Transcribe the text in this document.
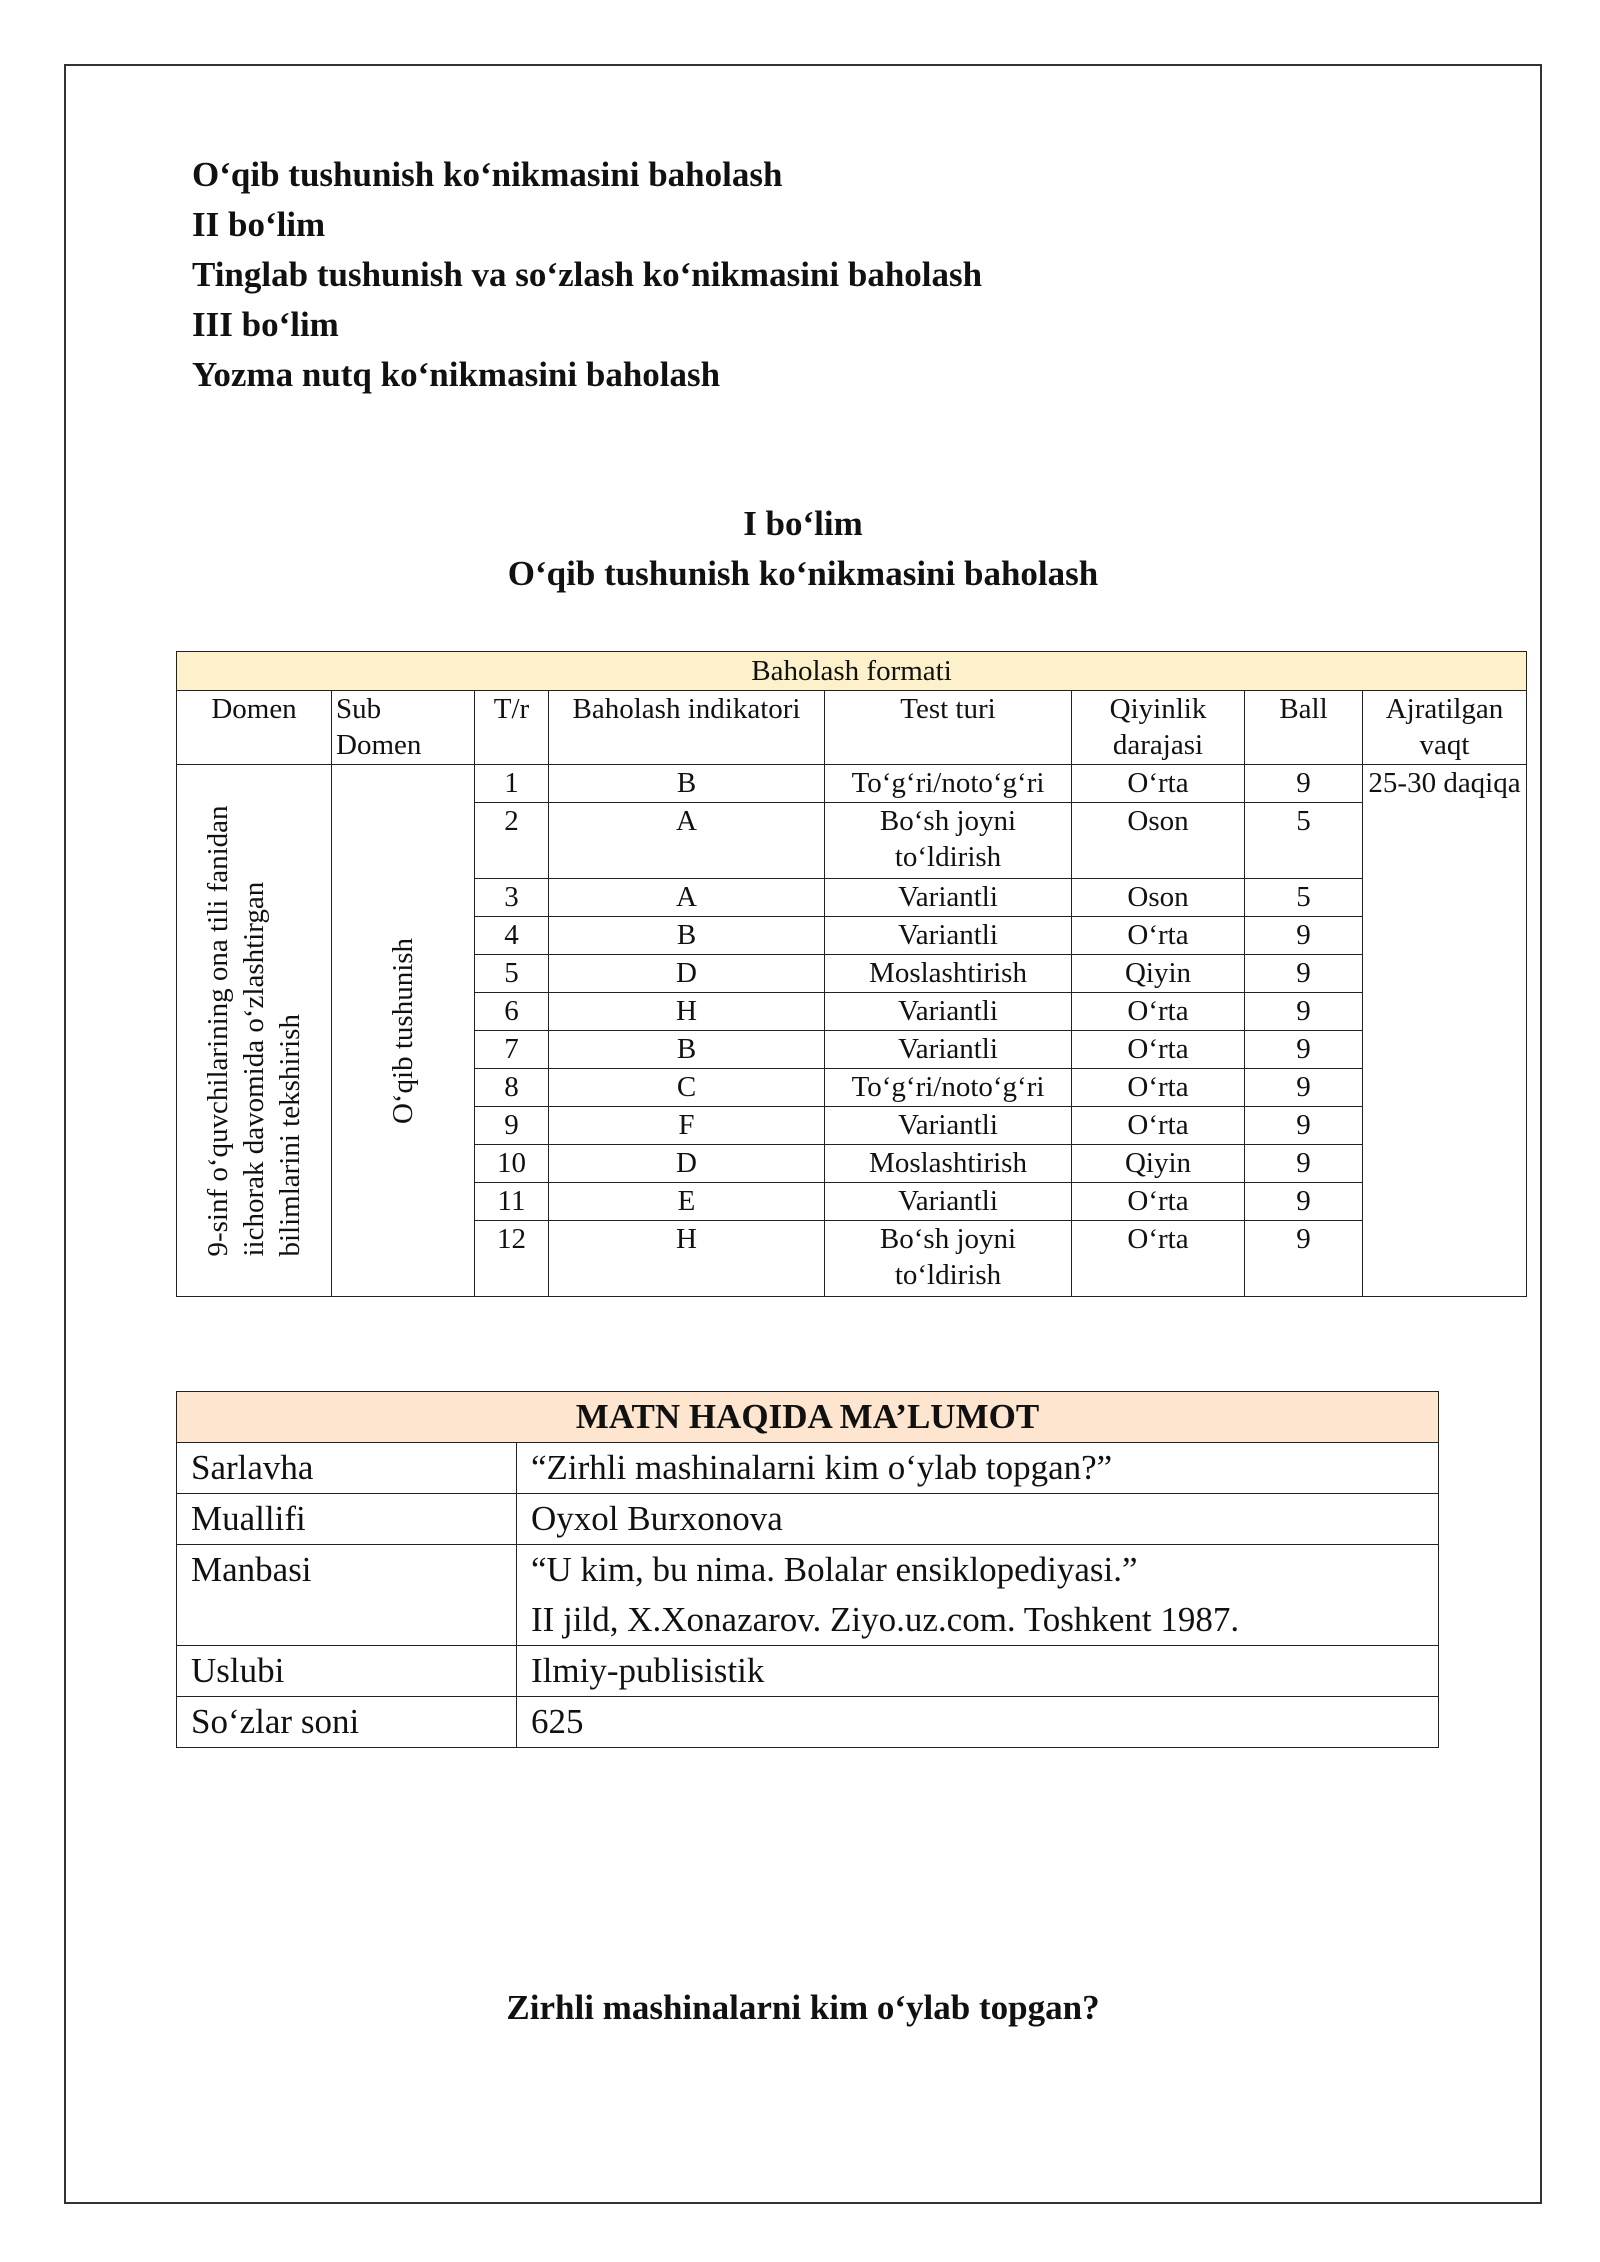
O‘qib tushunish ko‘nikmasini baholash

II bo‘lim

Tinglab tushunish va so‘zlash ko‘nikmasini baholash

III bo‘lim

Yozma nutq ko‘nikmasini baholash

I bo‘lim

O‘qib tushunish ko‘nikmasini baholash

Baholash formati							
Domen	Sub Domen	T/r	Baholash indikatori	Test turi	Qiyinlik darajasi	Ball	Ajratilgan vaqt

9-sinf o‘quvchilarining ona tili fanidan iichorak davomida o‘zlashtirgan bilimlarini tekshirish	O‘qib tushunish	1	B	To‘g‘ri/noto‘g‘ri	O‘rta	9	25-30 daqiqa
		2	A	Bo‘sh joyni to‘ldirish	Oson	5	
		3	A	Variantli	Oson	5	
		4	B	Variantli	O‘rta	9	
		5	D	Moslashtirish	Qiyin	9	
		6	H	Variantli	O‘rta	9	
		7	B	Variantli	O‘rta	9	
		8	C	To‘g‘ri/noto‘g‘ri	O‘rta	9	
		9	F	Variantli	O‘rta	9	
		10	D	Moslashtirish	Qiyin	9	
		11	E	Variantli	O‘rta	9	
		12	H	Bo‘sh joyni to‘ldirish	O‘rta	9	
MATN HAQIDA MA’LUMOT	
Sarlavha	“Zirhli mashinalarni kim o‘ylab topgan?”
Muallifi	Oyxol Burxonova
Manbasi	“U kim, bu nima. Bolalar ensiklopediyasi.”
II jild, X.Xonazarov. Ziyo.uz.com. Toshkent 1987.

Uslubi	Ilmiy-publisistik
So‘zlar soni	625

Zirhli mashinalarni kim o‘ylab topgan?
